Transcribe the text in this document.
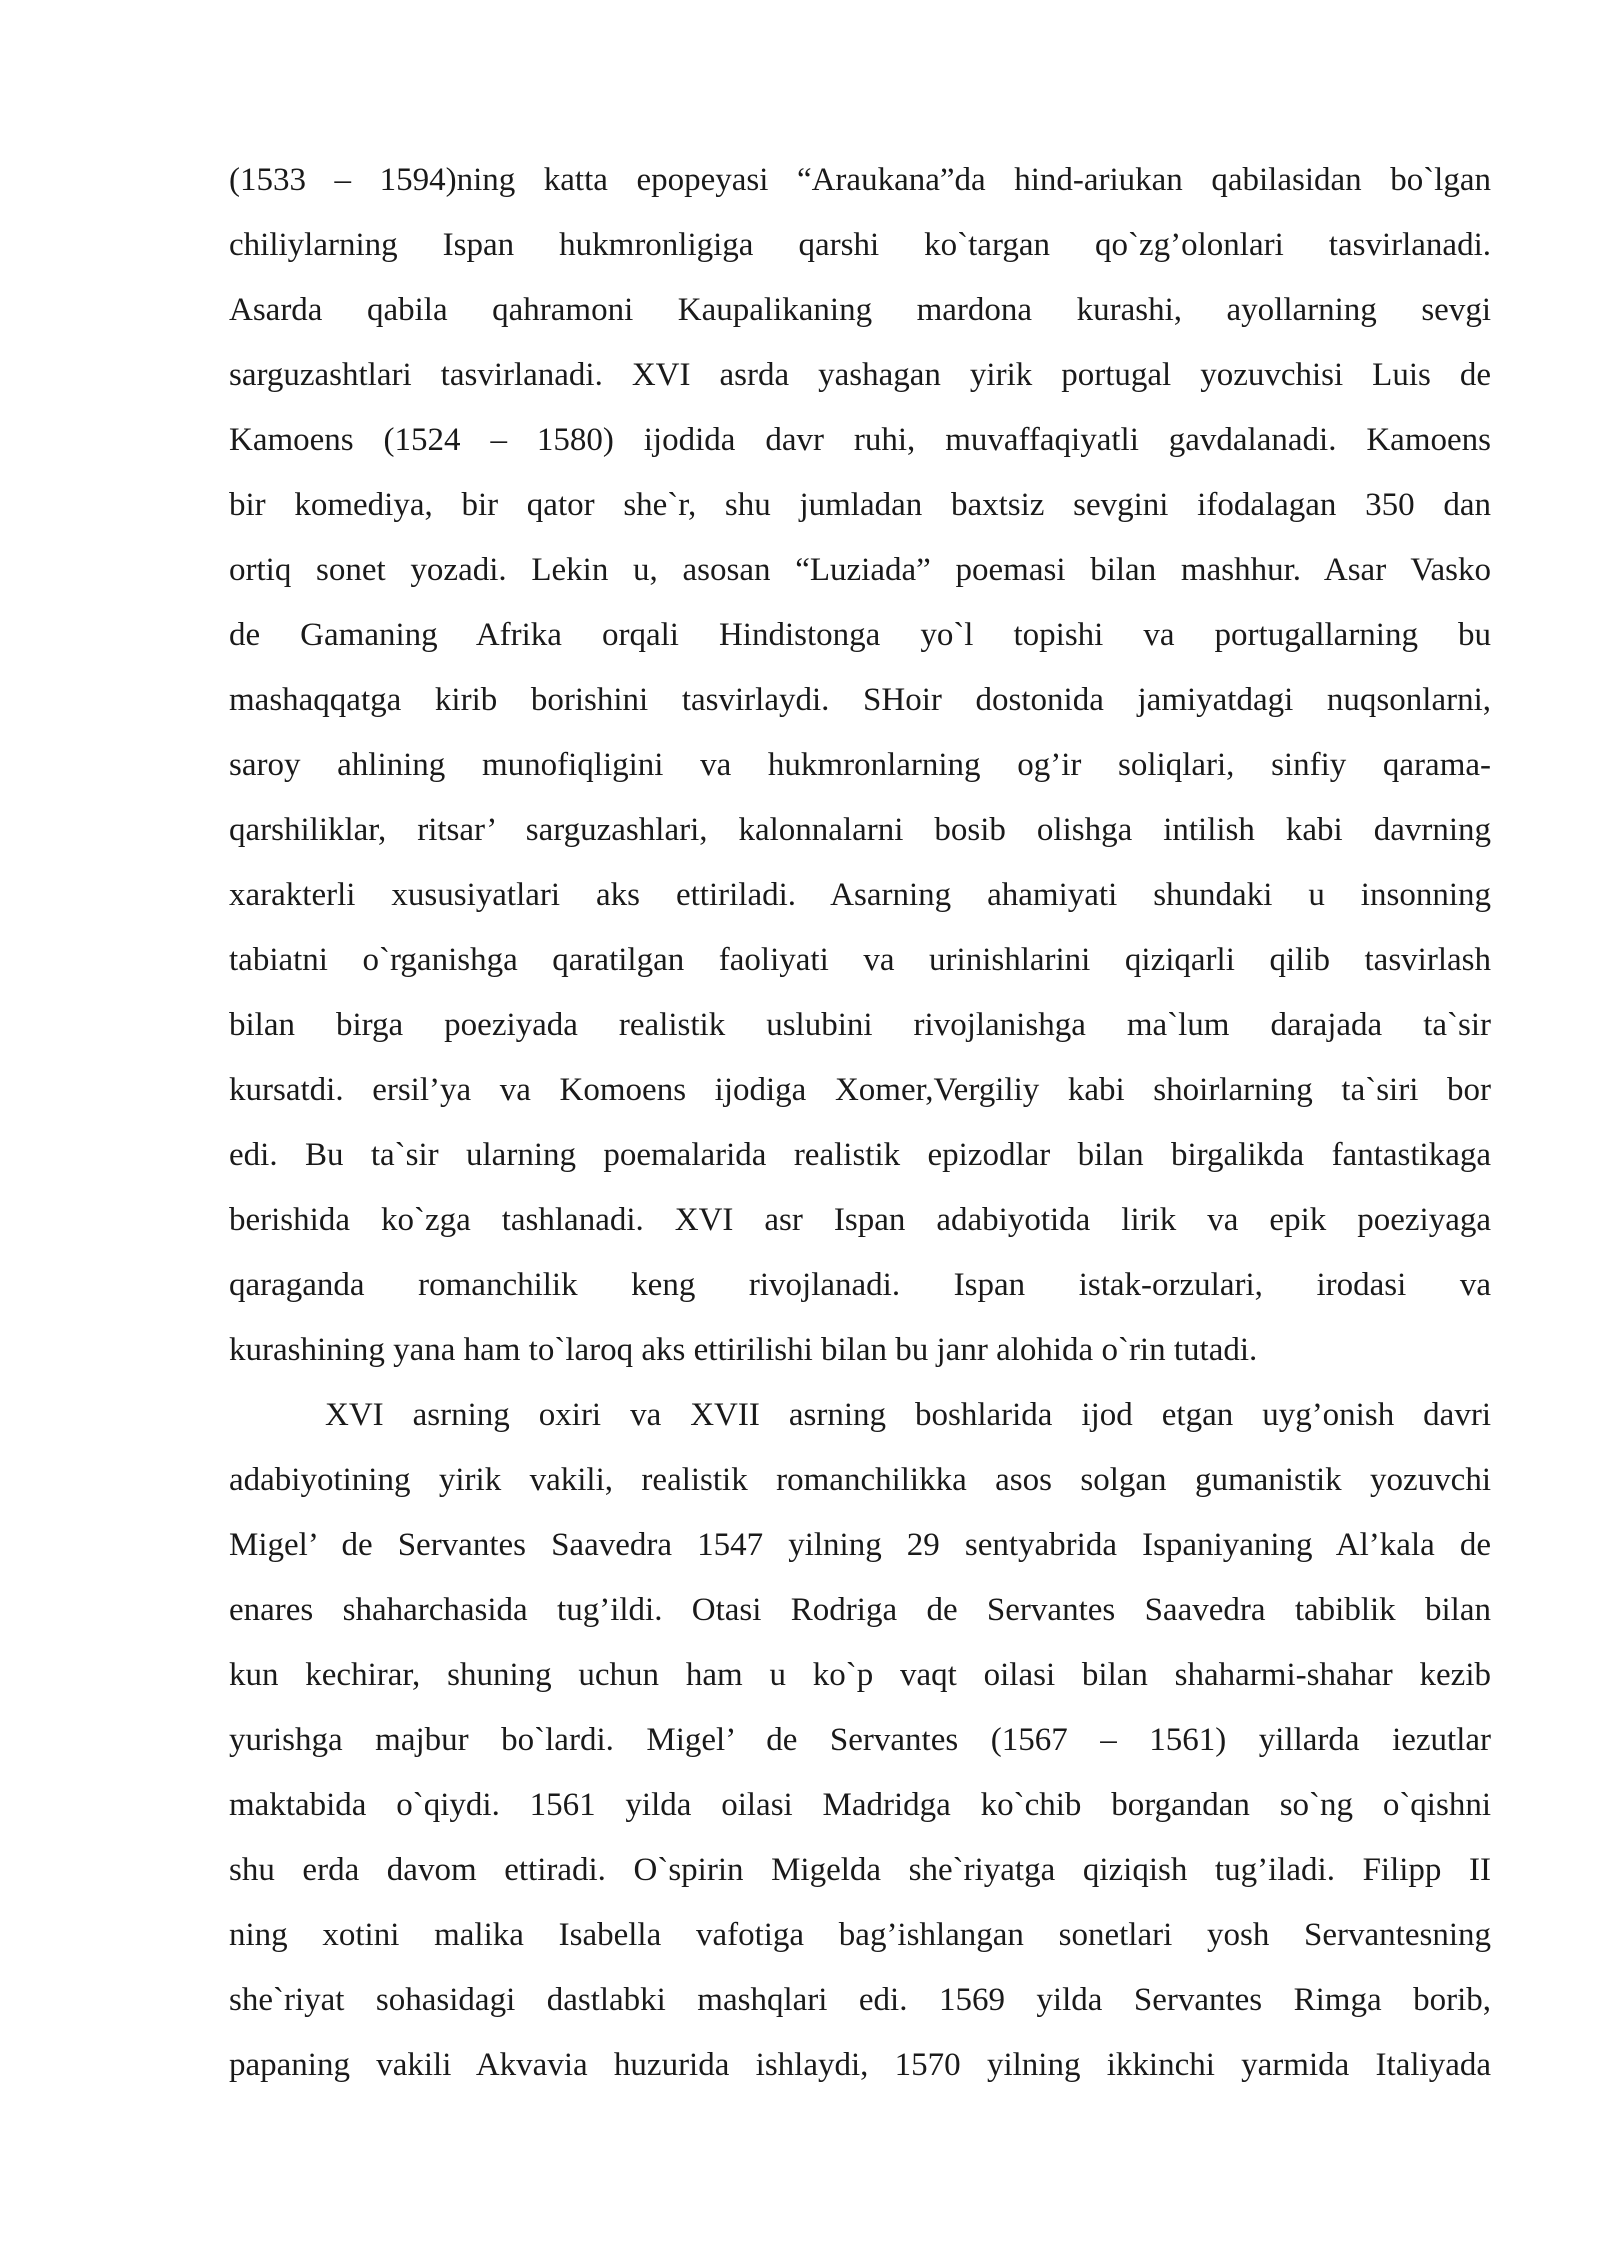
(1533 – 1594)ning katta epopeyasi “Araukana”da hind-ariukan qabilasidan bo`lgan
chiliylarning Ispan hukmronligiga qarshi ko`targan qo`zg’olonlari tasvirlanadi.
Asarda qabila qahramoni Kaupalikaning mardona kurashi, ayollarning sevgi
sarguzashtlari tasvirlanadi. XVI asrda yashagan yirik portugal yozuvchisi Luis de
Kamoens (1524 – 1580) ijodida davr ruhi, muvaffaqiyatli gavdalanadi. Kamoens
bir komediya, bir qator she`r, shu jumladan baxtsiz sevgini ifodalagan 350 dan
ortiq sonet yozadi. Lekin u, asosan “Luziada” poemasi bilan mashhur. Asar Vasko
de Gamaning Afrika orqali Hindistonga yo`l topishi va portugallarning bu
mashaqqatga kirib borishini tasvirlaydi. SHoir dostonida jamiyatdagi nuqsonlarni,
saroy ahlining munofiqligini va hukmronlarning og’ir soliqlari, sinfiy qarama-
qarshiliklar, ritsar’ sarguzashlari, kalonnalarni bosib olishga intilish kabi davrning
xarakterli xususiyatlari aks ettiriladi. Asarning ahamiyati shundaki u insonning
tabiatni o`rganishga qaratilgan faoliyati va urinishlarini qiziqarli qilib tasvirlash
bilan birga poeziyada realistik uslubini rivojlanishga ma`lum darajada ta`sir
kursatdi. ersil’ya va Komoens ijodiga Xomer,Vergiliy kabi shoirlarning ta`siri bor
edi. Bu ta`sir ularning poemalarida realistik epizodlar bilan birgalikda fantastikaga
berishida ko`zga tashlanadi. XVI asr Ispan adabiyotida lirik va epik poeziyaga
qaraganda romanchilik keng rivojlanadi. Ispan istak-orzulari, irodasi va
kurashining yana ham to`laroq aks ettirilishi bilan bu janr alohida o`rin tutadi.
XVI asrning oxiri va XVII asrning boshlarida ijod etgan uyg’onish davri
adabiyotining yirik vakili, realistik romanchilikka asos solgan gumanistik yozuvchi
Migel’ de Servantes Saavedra 1547 yilning 29 sentyabrida Ispaniyaning Al’kala de
enares shaharchasida tug’ildi. Otasi Rodriga de Servantes Saavedra tabiblik bilan
kun kechirar, shuning uchun ham u ko`p vaqt oilasi bilan shaharmi-shahar kezib
yurishga majbur bo`lardi. Migel’ de Servantes (1567 – 1561) yillarda iezutlar
maktabida o`qiydi. 1561 yilda oilasi Madridga ko`chib borgandan so`ng o`qishni
shu erda davom ettiradi. O`spirin Migelda she`riyatga qiziqish tug’iladi. Filipp II
ning xotini malika Isabella vafotiga bag’ishlangan sonetlari yosh Servantesning
she`riyat sohasidagi dastlabki mashqlari edi. 1569 yilda Servantes Rimga borib,
papaning vakili Akvavia huzurida ishlaydi, 1570 yilning ikkinchi yarmida Italiyada
